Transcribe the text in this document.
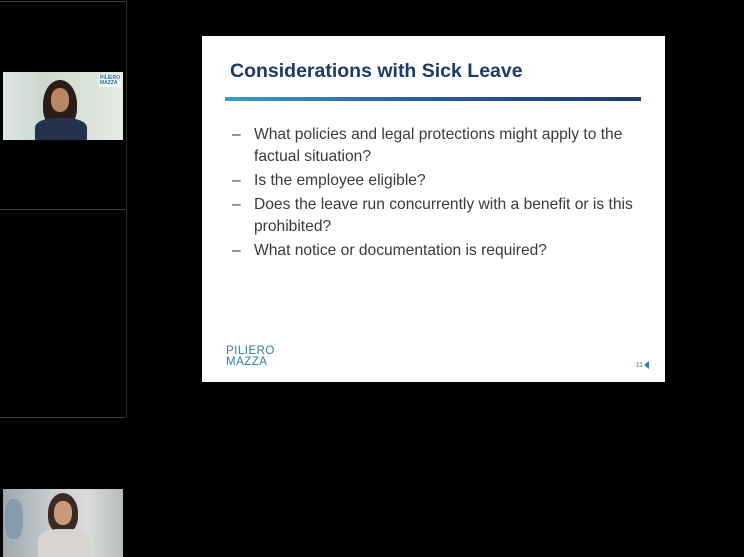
PILIERO
MAZZA
Considerations with Sick Leave
– What policies and legal protections might apply to the factual situation?
– Is the employee eligible?
– Does the leave run concurrently with a benefit or is this prohibited?
– What notice or documentation is required?
PILIERO
MAZZA	11
